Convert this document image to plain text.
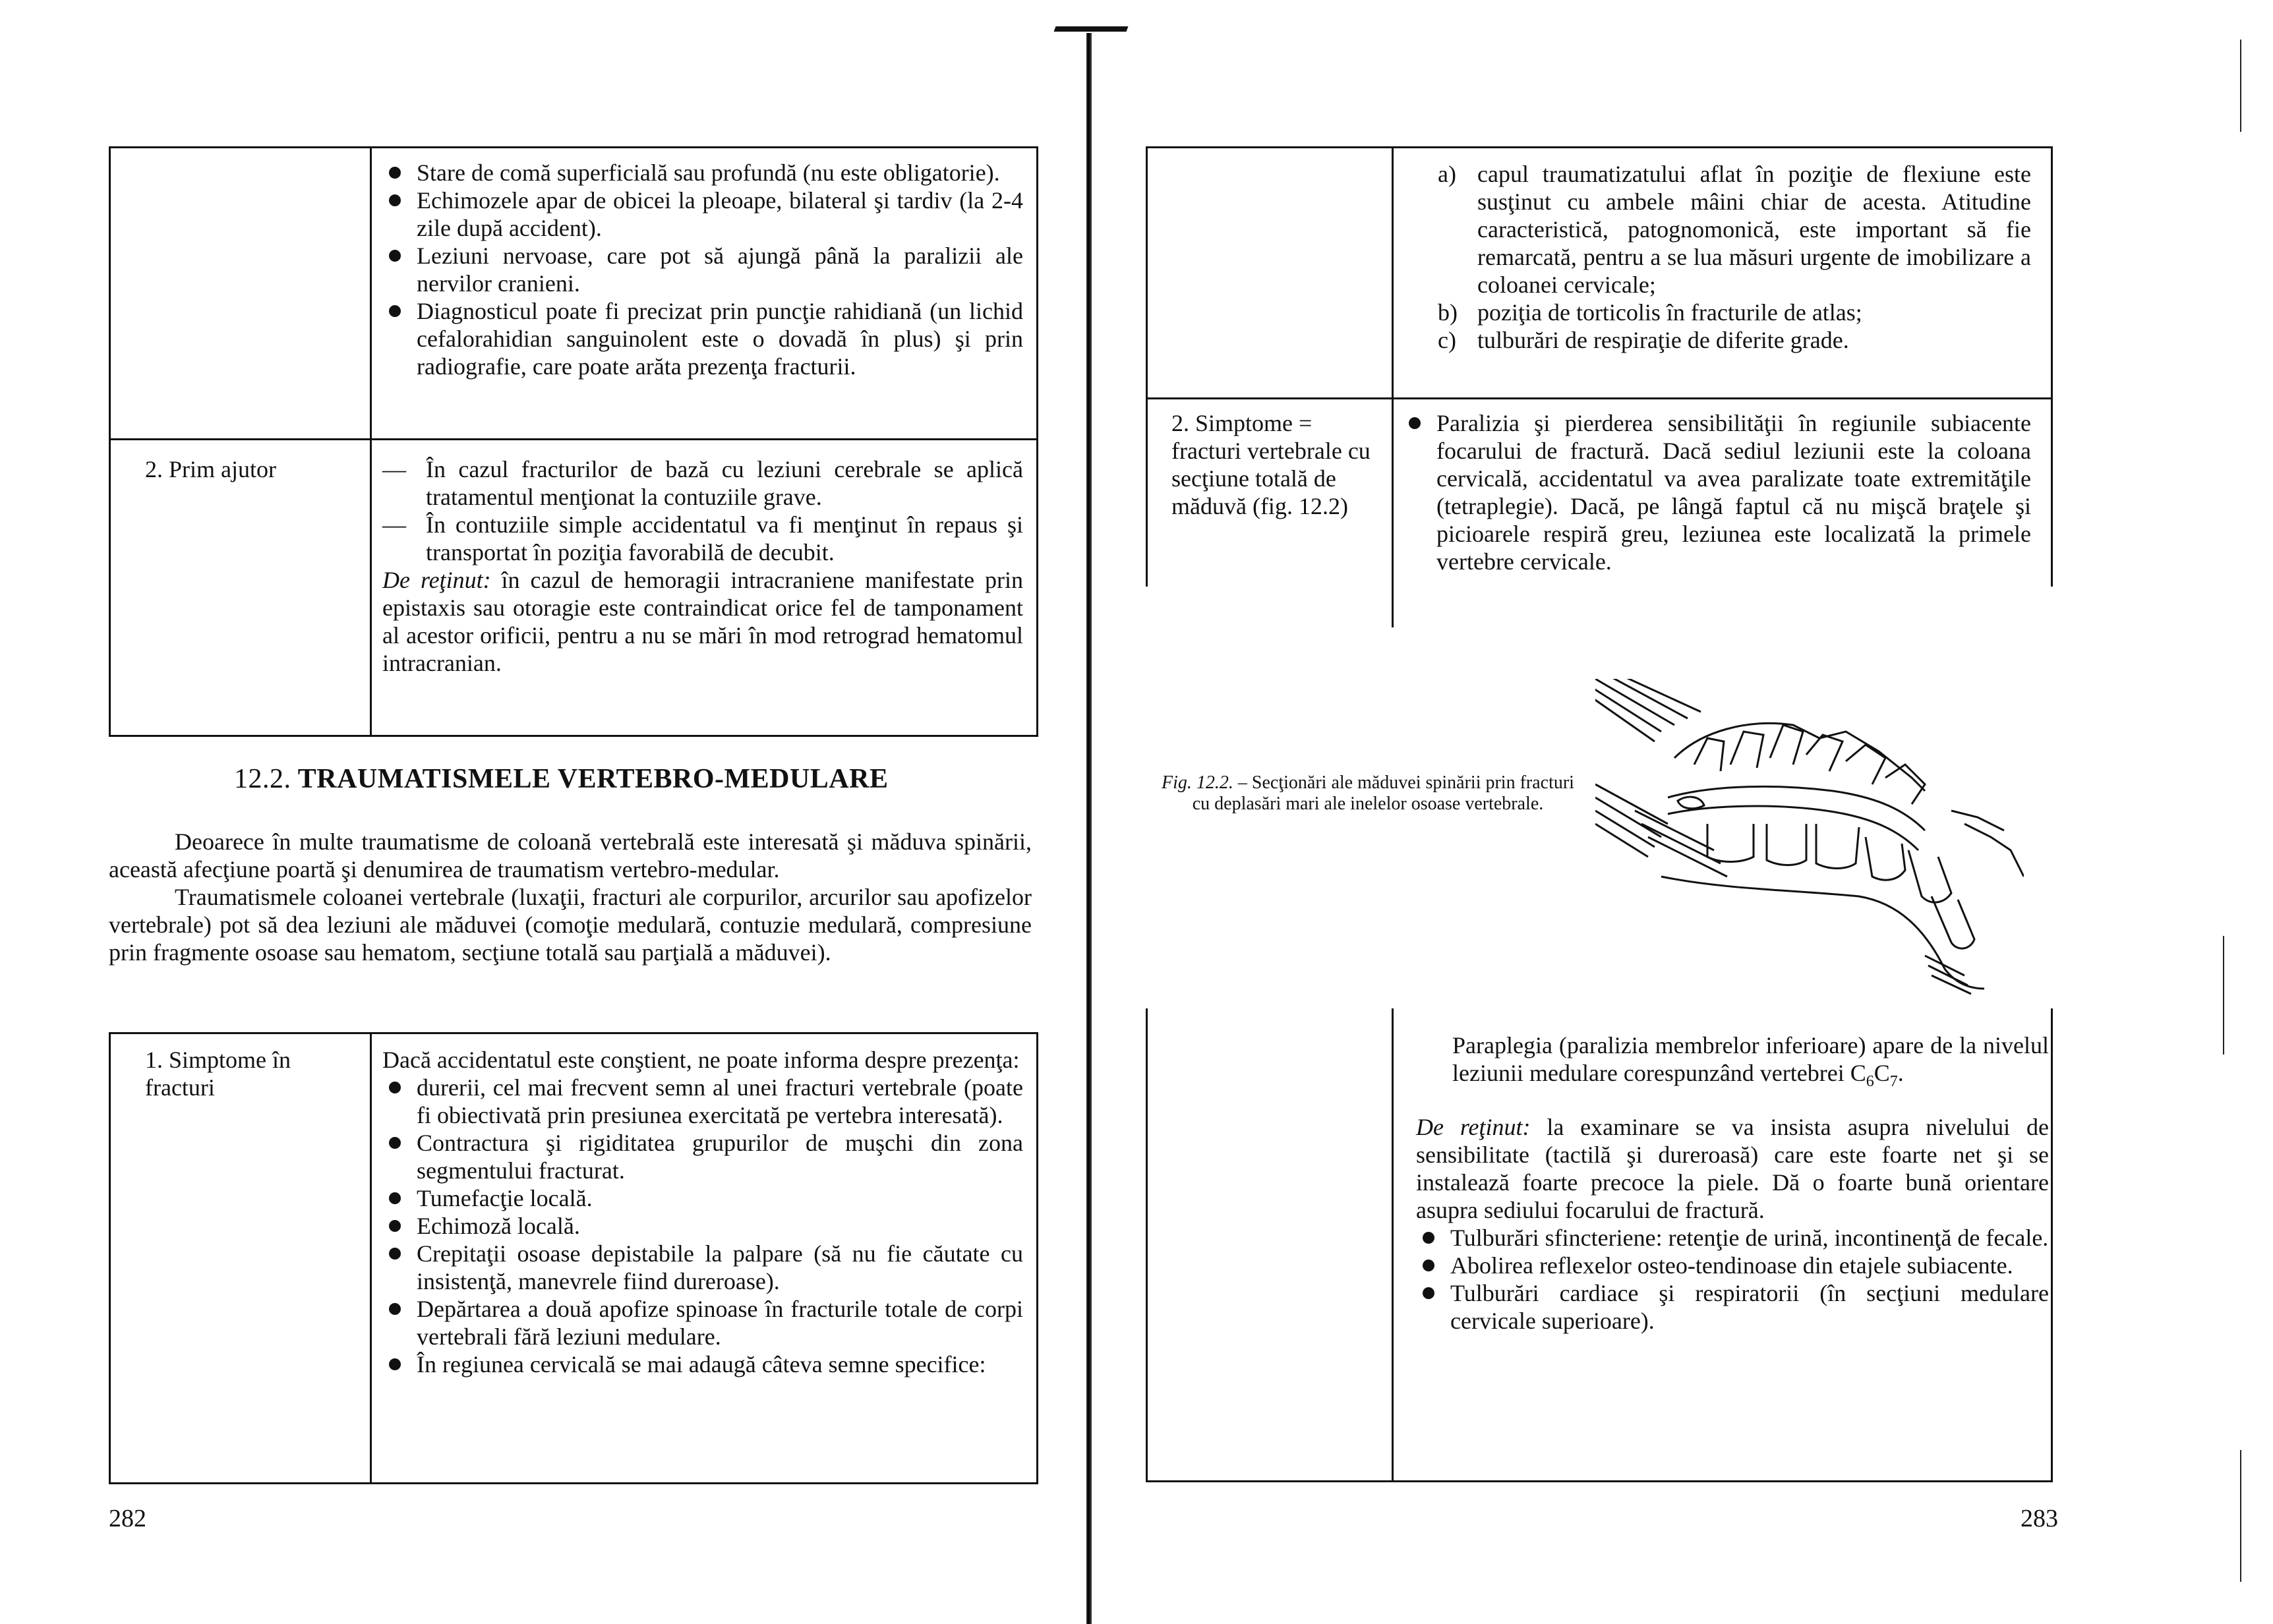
Stare de comă superficială sau profundă (nu este obligatorie).
Echimozele apar de obicei la pleoape, bilateral şi tardiv (la 2-4 zile după accident).
Leziuni nervoase, care pot să ajungă până la paralizii ale nervilor cranieni.
Diagnosticul poate fi precizat prin puncţie rahidiană (un lichid cefalorahidian sanguinolent este o dovadă în plus) şi prin radiografie, care poate arăta prezenţa fracturii.
2. Prim ajutor	— În cazul fracturilor de bază cu leziuni cerebrale se aplică tratamentul menţionat la contuziile grave.
— În contuziile simple accidentatul va fi menţinut în repaus şi transportat în poziţia favorabilă de decubit.

De reţinut: în cazul de hemoragii intracraniene manifestate prin epistaxis sau otoragie este contraindicat orice fel de tamponament al acestor orificii, pentru a nu se mări în mod retrograd hematomul intracranian.

12.2. TRAUMATISMELE VERTEBRO-MEDULARE

Deoarece în multe traumatisme de coloană vertebrală este interesată şi măduva spinării, această afecţiune poartă şi denumirea de traumatism vertebro-medular.

Traumatismele coloanei vertebrale (luxaţii, fracturi ale corpurilor, arcurilor sau apofizelor vertebrale) pot să dea leziuni ale măduvei (comoţie medulară, contuzie medulară, compresiune prin fragmente osoase sau hematom, secţiune totală sau parţială a măduvei).

1. Simptome în fracturi

Dacă accidentatul este conştient, ne poate informa despre prezenţa:

durerii, cel mai frecvent semn al unei fracturi vertebrale (poate fi obiectivată prin presiunea exercitată pe vertebra interesată).
Contractura şi rigiditatea grupurilor de muşchi din zona segmentului fracturat.
Tumefacţie locală.
Echimoză locală.
Crepitaţii osoase depistabile la palpare (să nu fie căutate cu insistenţă, manevrele fiind dureroase).
Depărtarea a două apofize spinoase în fracturile totale de corpi vertebrali fără leziuni medulare.
În regiunea cervicală se mai adaugă câteva semne specifice:
282
a) capul traumatizatului aflat în poziţie de flexiune este susţinut cu ambele mâini chiar de acesta. Atitudine caracteristică, patognomonică, este important să fie remarcată, pentru a se lua măsuri urgente de imobilizare a coloanei cervicale;
b) poziţia de torticolis în fracturile de atlas;
c) tulburări de respiraţie de diferite grade.
2. Simptome = fracturi vertebrale cu secţiune totală de măduvă (fig. 12.2)
Paralizia şi pierderea sensibilităţii în regiunile subiacente focarului de fractură. Dacă sediul leziunii este la coloana cervicală, accidentatul va avea paralizate toate extremităţile (tetraplegie). Dacă, pe lângă faptul că nu mişcă braţele şi picioarele respiră greu, leziunea este localizată la primele vertebre cervicale.
Fig. 12.2. – Secţionări ale măduvei spinării prin fracturi cu deplasări mari ale inelelor osoase vertebrale.

Paraplegia (paralizia membrelor inferioare) apare de la nivelul leziunii medulare corespunzând vertebrei $C_6C_7$.

De reţinut: la examinare se va insista asupra nivelului de sensibilitate (tactilă şi dureroasă) care este foarte net şi se instalează foarte precoce la piele. Dă o foarte bună orientare asupra sediului focarului de fractură.

Tulburări sfincteriene: retenţie de urină, incontinenţă de fecale.
Abolirea reflexelor osteo-tendinoase din etajele subiacente.
Tulburări cardiace şi respiratorii (în secţiuni medulare cervicale superioare).
283
